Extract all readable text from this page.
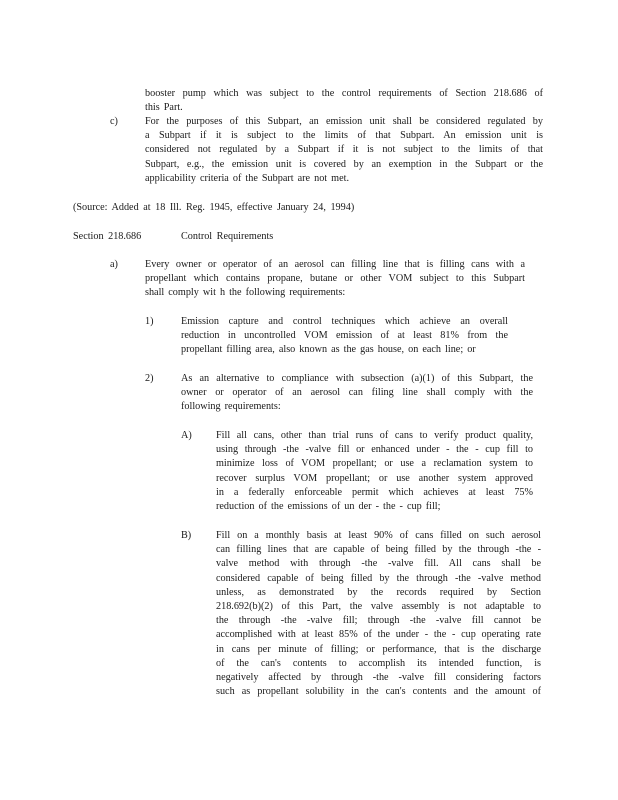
booster pump which was subject to the control requirements of Section 218.686 of
this Part.
c)	For the purposes of this Subpart, an emission unit shall be considered regulated by
a Subpart if it is subject to the limits of that Subpart. An emission unit is
considered not regulated by a Subpart if it is not subject to the limits of that
Subpart, e.g., the emission unit is covered by an exemption in the Subpart or the
applicability criteria of the Subpart are not met.
(Source: Added at 18 Ill. Reg. 1945, effective January 24, 1994)
Section 218.686	Control Requirements
a)	Every owner or operator of an aerosol can filling line that is filling cans with a
propellant which contains propane, butane or other VOM subject to this Subpart
shall comply wit h the following requirements:
1)	Emission capture and control techniques which achieve an overall
reduction in uncontrolled VOM emission of at least 81% from the
propellant filling area, also known as the gas house, on each line; or
2)	As an alternative to compliance with subsection (a)(1) of this Subpart, the
owner or operator of an aerosol can filing line shall comply with the
following requirements:
A) Fill all cans, other than trial runs of cans to verify product quality,
using through -the -valve fill or enhanced under - the - cup fill to
minimize loss of VOM propellant; or use a reclamation system to
recover surplus VOM propellant; or use another system approved
in a federally enforceable permit which achieves at least 75%
reduction of the emissions of un der - the - cup fill;
B) Fill on a monthly basis at least 90% of cans filled on such aerosol
can filling lines that are capable of being filled by the through -the -
valve method with through -the -valve fill. All cans shall be
considered capable of being filled by the through -the -valve method
unless, as demonstrated by the records required by Section
218.692(b)(2) of this Part, the valve assembly is not adaptable to
the through -the -valve fill; through -the -valve fill cannot be
accomplished with at least 85% of the under - the - cup operating rate
in cans per minute of filling; or performance, that is the discharge
of the can's contents to accomplish its intended function, is
negatively affected by through -the -valve fill considering factors
such as propellant solubility in the can's contents and the amount of
